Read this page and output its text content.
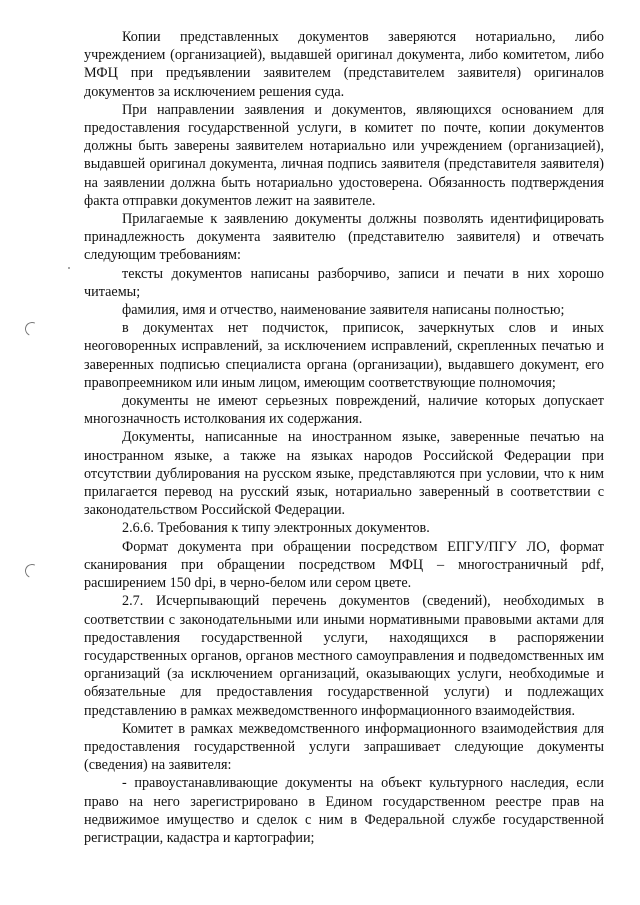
Копии представленных документов заверяются нотариально, либо учреждением (организацией), выдавшей оригинал документа, либо комитетом, либо МФЦ при предъявлении заявителем (представителем заявителя) оригиналов документов за исключением решения суда.

При направлении заявления и документов, являющихся основанием для предоставления государственной услуги, в комитет по почте, копии документов должны быть заверены заявителем нотариально или учреждением (организацией), выдавшей оригинал документа, личная подпись заявителя (представителя заявителя) на заявлении должна быть нотариально удостоверена. Обязанность подтверждения факта отправки документов лежит на заявителе.

Прилагаемые к заявлению документы должны позволять идентифицировать принадлежность документа заявителю (представителю заявителя) и отвечать следующим требованиям:

тексты документов написаны разборчиво, записи и печати в них хорошо читаемы;

фамилия, имя и отчество, наименование заявителя написаны полностью;

в документах нет подчисток, приписок, зачеркнутых слов и иных неоговоренных исправлений, за исключением исправлений, скрепленных печатью и заверенных подписью специалиста органа (организации), выдавшего документ, его правопреемником или иным лицом, имеющим соответствующие полномочия;

документы не имеют серьезных повреждений, наличие которых допускает многозначность истолкования их содержания.

Документы, написанные на иностранном языке, заверенные печатью на иностранном языке, а также на языках народов Российской Федерации при отсутствии дублирования на русском языке, представляются при условии, что к ним прилагается перевод на русский язык, нотариально заверенный в соответствии с законодательством Российской Федерации.

2.6.6. Требования к типу электронных документов.

Формат документа при обращении посредством ЕПГУ/ПГУ ЛО, формат сканирования при обращении посредством МФЦ – многостраничный pdf, расширением 150 dpi, в черно-белом или сером цвете.

2.7. Исчерпывающий перечень документов (сведений), необходимых в соответствии с законодательными или иными нормативными правовыми актами для предоставления государственной услуги, находящихся в распоряжении государственных органов, органов местного самоуправления и подведомственных им организаций (за исключением организаций, оказывающих услуги, необходимые и обязательные для предоставления государственной услуги) и подлежащих представлению в рамках межведомственного информационного взаимодействия.

Комитет в рамках межведомственного информационного взаимодействия для предоставления государственной услуги запрашивает следующие документы (сведения) на заявителя:

- правоустанавливающие документы на объект культурного наследия, если право на него зарегистрировано в Едином государственном реестре прав на недвижимое имущество и сделок с ним в Федеральной службе государственной регистрации, кадастра и картографии;
